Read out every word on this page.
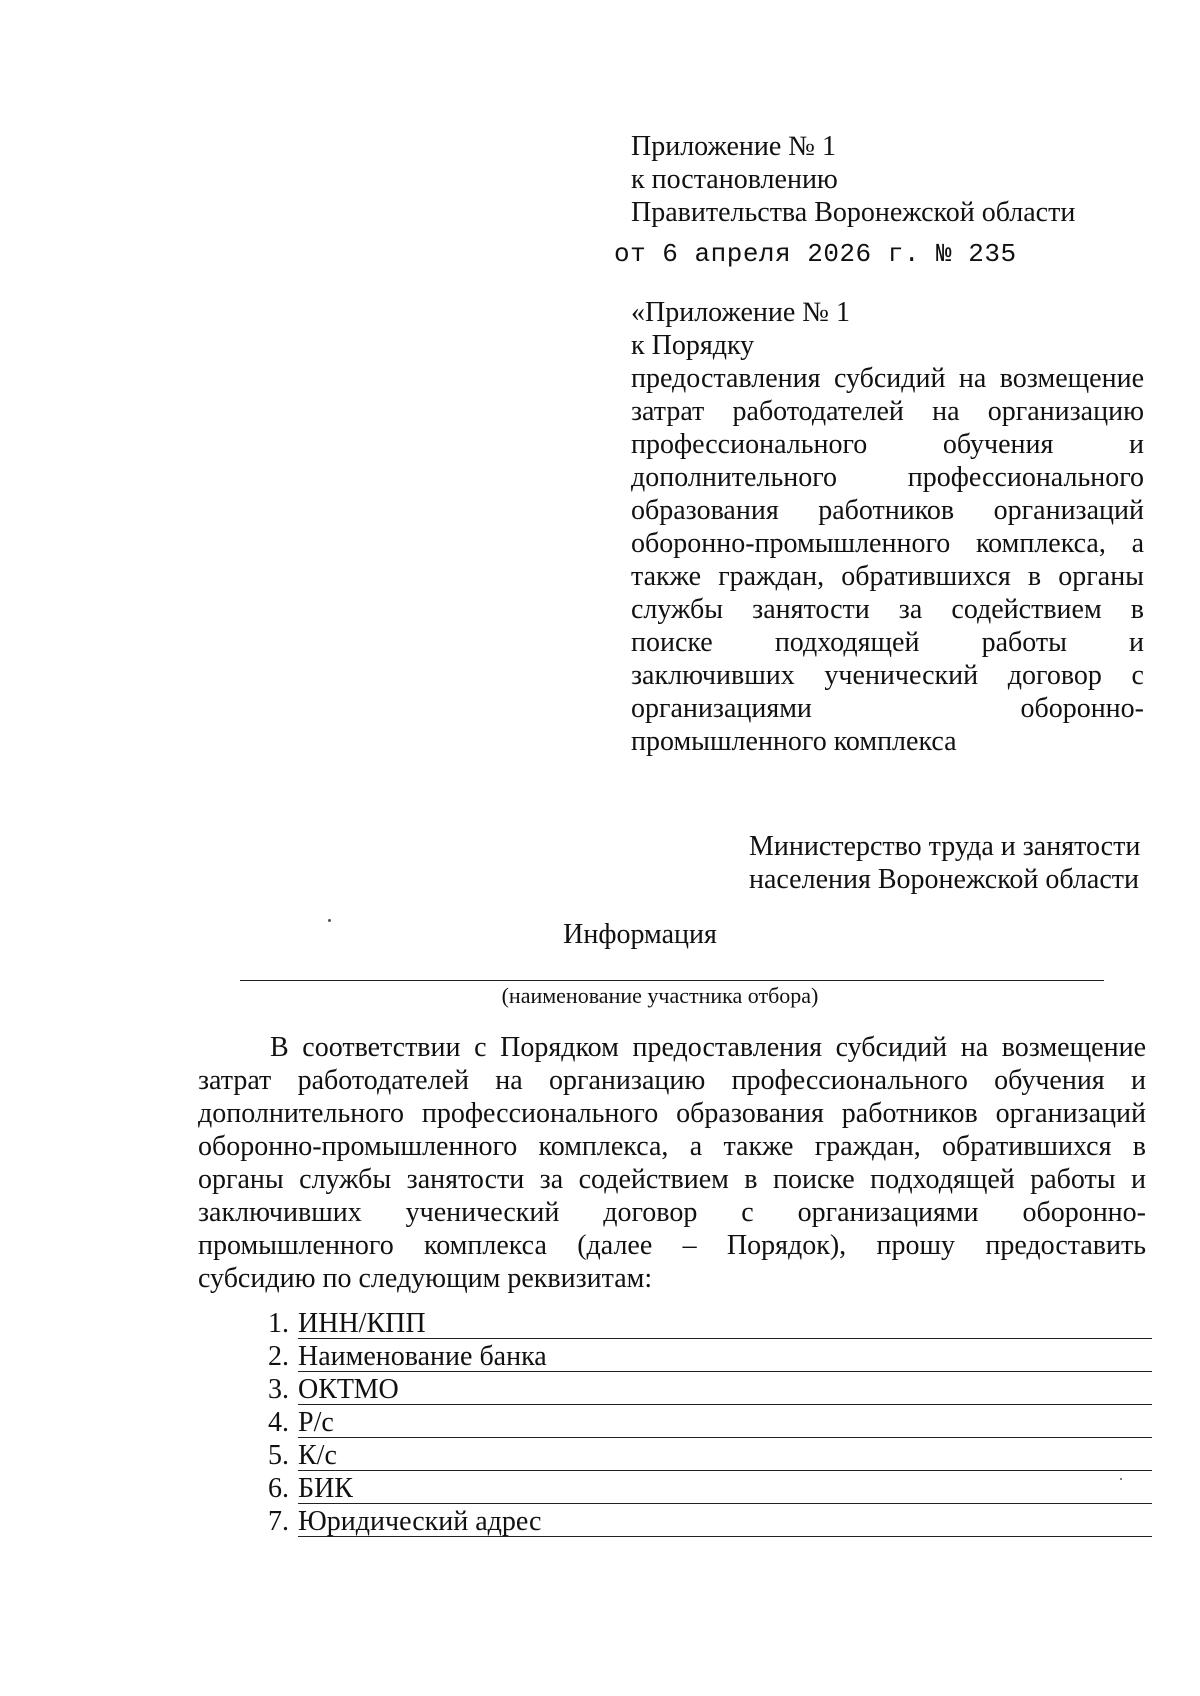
Приложение № 1
к постановлению
Правительства Воронежской области
от 6 апреля 2026 г. № 235
«Приложение № 1
к Порядку
предоставления субсидий на возмещение
затрат работодателей на организацию
профессионального обучения и
дополнительного профессионального
образования работников организаций
оборонно-промышленного комплекса, а
также граждан, обратившихся в органы
службы занятости за содействием в
поиске подходящей работы и
заключивших ученический договор с
организациями оборонно-
промышленного комплекса
Министерство труда и занятости
населения Воронежской области
Информация
(наименование участника отбора)
В соответствии с Порядком предоставления субсидий на возмещение
затрат работодателей на организацию профессионального обучения и
дополнительного профессионального образования работников организаций
оборонно-промышленного комплекса, а также граждан, обратившихся в
органы службы занятости за содействием в поиске подходящей работы и
заключивших ученический договор с организациями оборонно-
промышленного комплекса (далее – Порядок), прошу предоставить
субсидию по следующим реквизитам:
1. ИНН/КПП
2. Наименование банка
3. ОКТМО
4. Р/с
5. К/с
6. БИК
7. Юридический адрес
